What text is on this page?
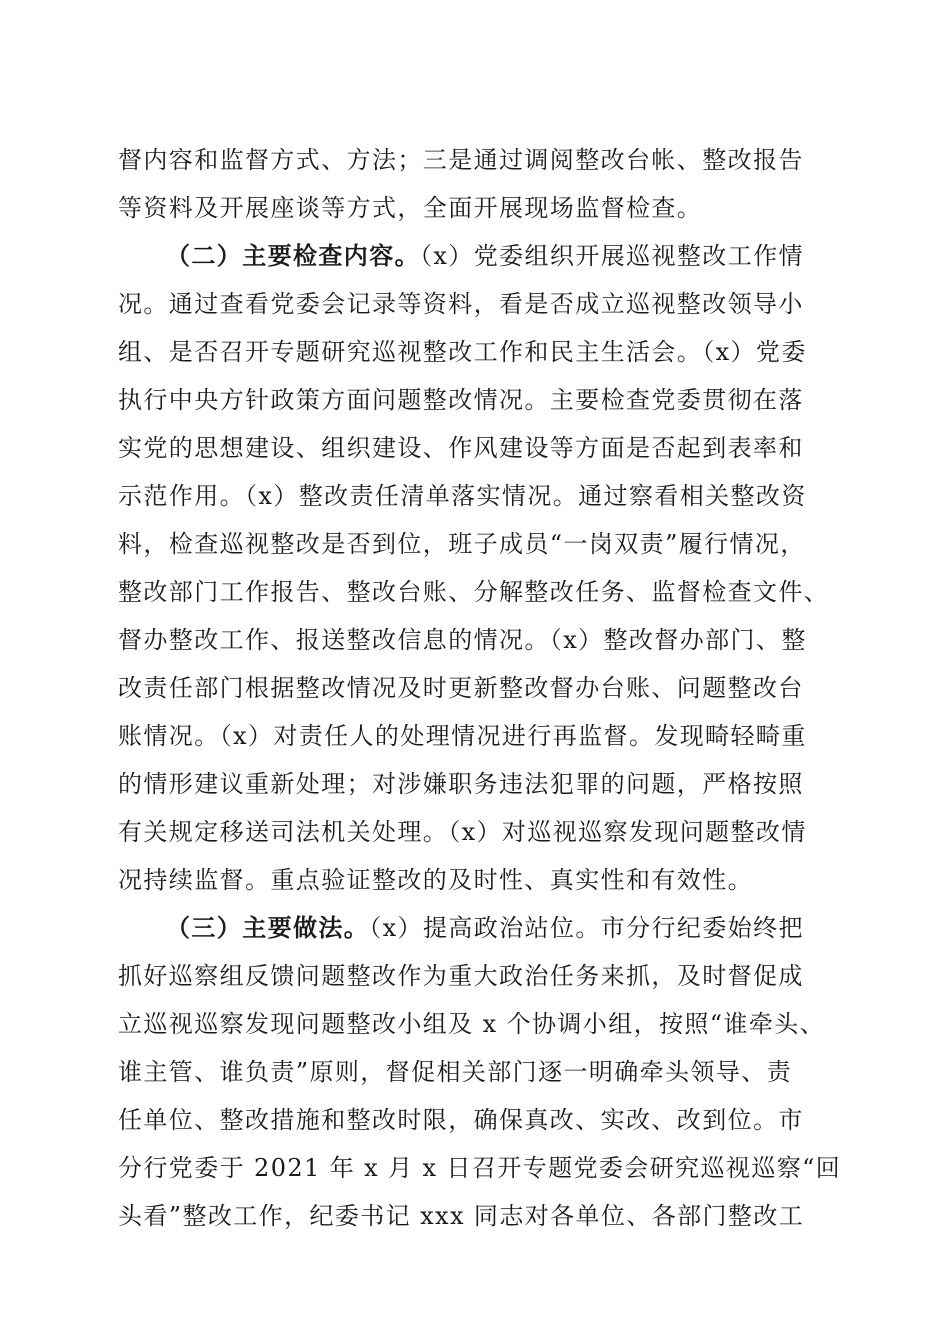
督内容和监督方式、方法；三是通过调阅整改台帐、整改报告
等资料及开展座谈等方式，全面开展现场监督检查。
（二）主要检查内容。（x）党委组织开展巡视整改工作情
况。通过查看党委会记录等资料，看是否成立巡视整改领导小
组、是否召开专题研究巡视整改工作和民主生活会。（x）党委
执行中央方针政策方面问题整改情况。主要检查党委贯彻在落
实党的思想建设、组织建设、作风建设等方面是否起到表率和
示范作用。（x）整改责任清单落实情况。通过察看相关整改资
料，检查巡视整改是否到位，班子成员“一岗双责”履行情况，
整改部门工作报告、整改台账、分解整改任务、监督检查文件、
督办整改工作、报送整改信息的情况。（x）整改督办部门、整
改责任部门根据整改情况及时更新整改督办台账、问题整改台
账情况。（x）对责任人的处理情况进行再监督。发现畸轻畸重
的情形建议重新处理；对涉嫌职务违法犯罪的问题，严格按照
有关规定移送司法机关处理。（x）对巡视巡察发现问题整改情
况持续监督。重点验证整改的及时性、真实性和有效性。
（三）主要做法。（x）提高政治站位。市分行纪委始终把
抓好巡察组反馈问题整改作为重大政治任务来抓，及时督促成
立巡视巡察发现问题整改小组及 x 个协调小组，按照“谁牵头、
谁主管、谁负责”原则，督促相关部门逐一明确牵头领导、责
任单位、整改措施和整改时限，确保真改、实改、改到位。市
分行党委于 2021 年 x 月 x 日召开专题党委会研究巡视巡察“回
头看”整改工作，纪委书记 xxx 同志对各单位、各部门整改工
